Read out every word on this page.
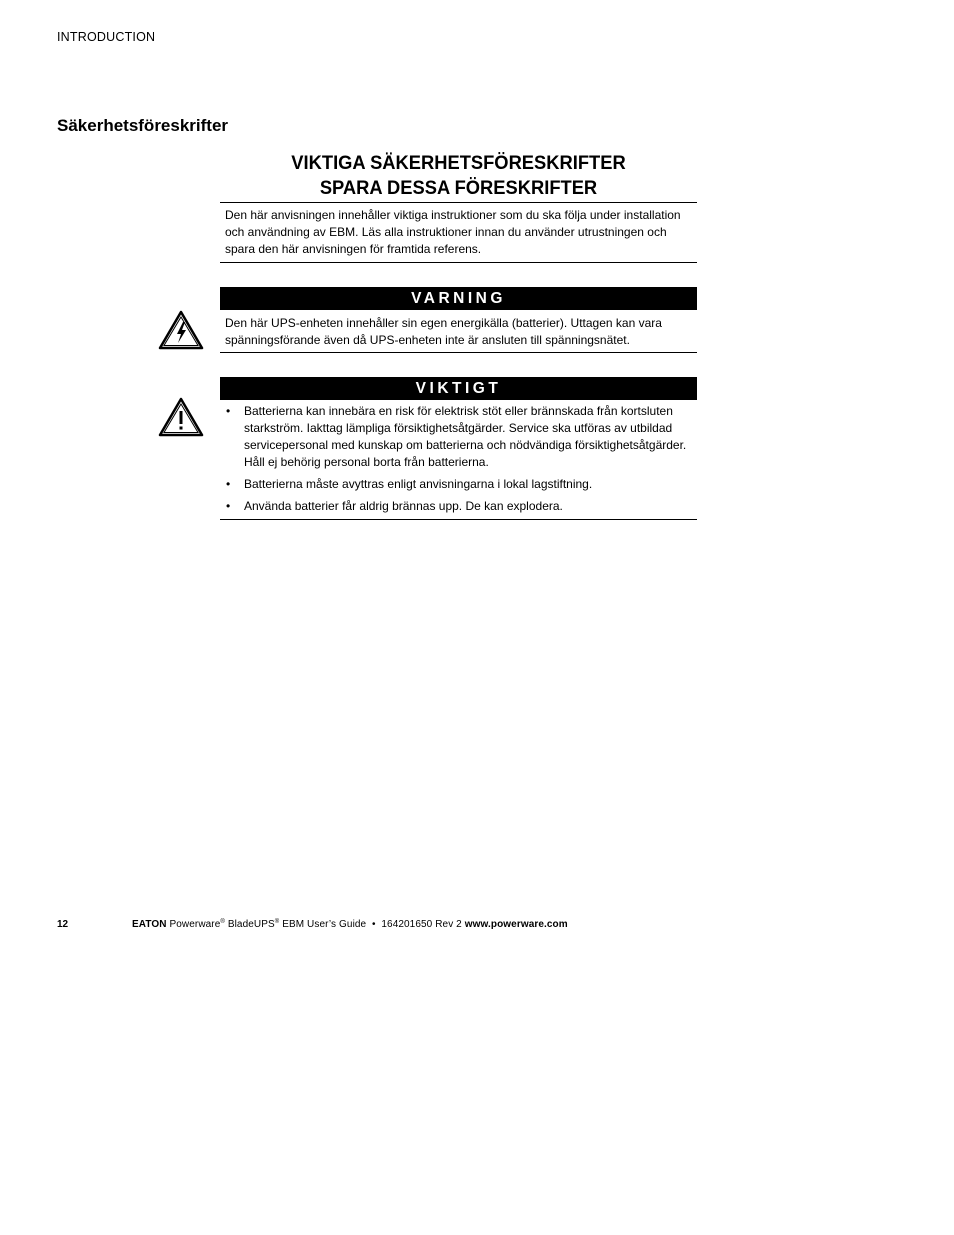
INTRODUCTION
Säkerhetsföreskrifter
VIKTIGA SÄKERHETSFÖRESKRIFTER
SPARA DESSA FÖRESKRIFTER

Den här anvisningen innehåller viktiga instruktioner som du ska följa under installation och användning av EBM. Läs alla instruktioner innan du använder utrustningen och spara den här anvisningen för framtida referens.

VARNING

Den här UPS-enheten innehåller sin egen energikälla (batterier). Uttagen kan vara spänningsförande även då UPS-enheten inte är ansluten till spänningsnätet.

VIKTIGT
• Batterierna kan innebära en risk för elektrisk stöt eller brännskada från kortsluten starkström. Iakttag lämpliga försiktighetsåtgärder. Service ska utföras av utbildad servicepersonal med kunskap om batterierna och nödvändiga försiktighetsåtgärder. Håll ej behörig personal borta från batterierna.
• Batterierna måste avyttras enligt anvisningarna i lokal lagstiftning.
• Använda batterier får aldrig brännas upp. De kan explodera.
12	EATON Powerware® BladeUPS® EBM User’s Guide • 164201650 Rev 2 www.powerware.com
